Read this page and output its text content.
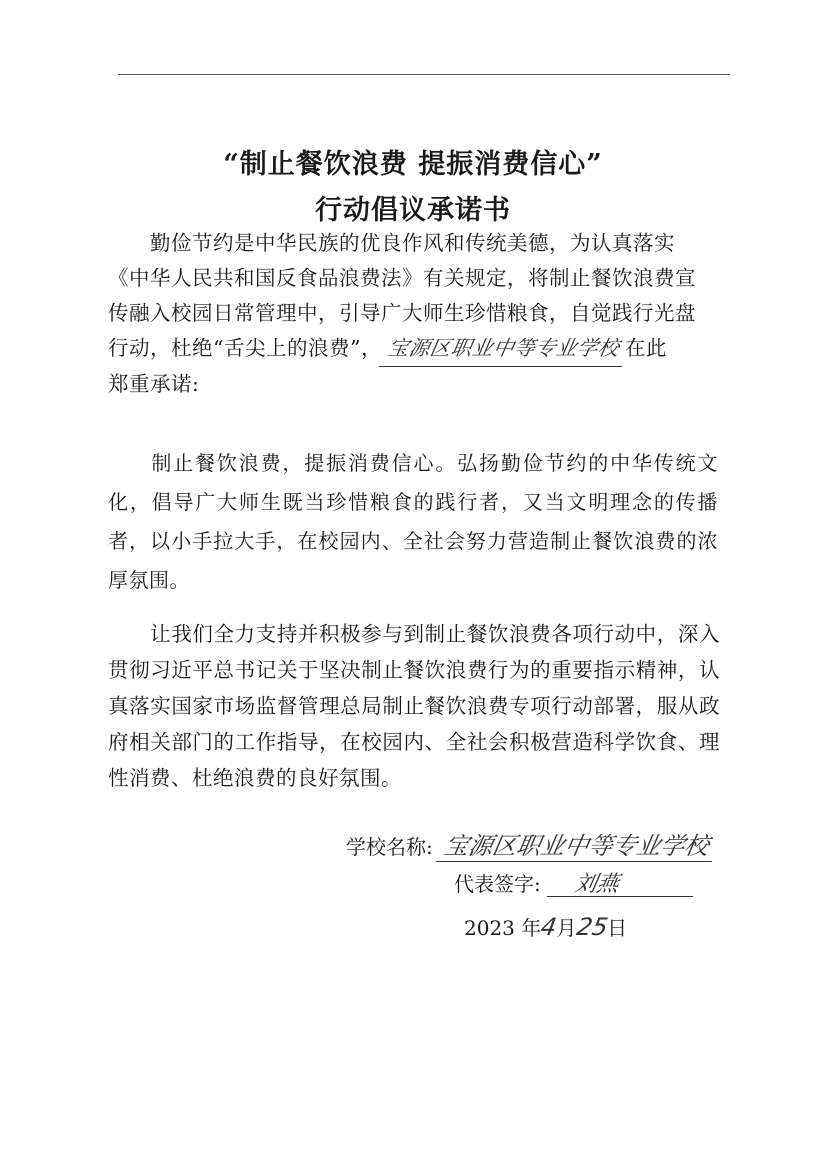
“制止餐饮浪费 提振消费信心”
行动倡议承诺书
勤俭节约是中华民族的优良作风和传统美德，为认真落实
《中华人民共和国反食品浪费法》有关规定，将制止餐饮浪费宣
传融入校园日常管理中，引导广大师生珍惜粮食，自觉践行光盘
行动，杜绝“舌尖上的浪费”， 宝源区职业中等专业学校 在此
郑重承诺:
制止餐饮浪费，提振消费信心。弘扬勤俭节约的中华传统文化，倡导广大师生既当珍惜粮食的践行者，又当文明理念的传播者，以小手拉大手，在校园内、全社会努力营造制止餐饮浪费的浓厚氛围。
让我们全力支持并积极参与到制止餐饮浪费各项行动中，深入贯彻习近平总书记关于坚决制止餐饮浪费行为的重要指示精神，认真落实国家市场监督管理总局制止餐饮浪费专项行动部署，服从政府相关部门的工作指导，在校园内、全社会积极营造科学饮食、理性消费、杜绝浪费的良好氛围。
学校名称: 宝源区职业中等专业学校
代表签字: 刘燕
2023 年4月25日
